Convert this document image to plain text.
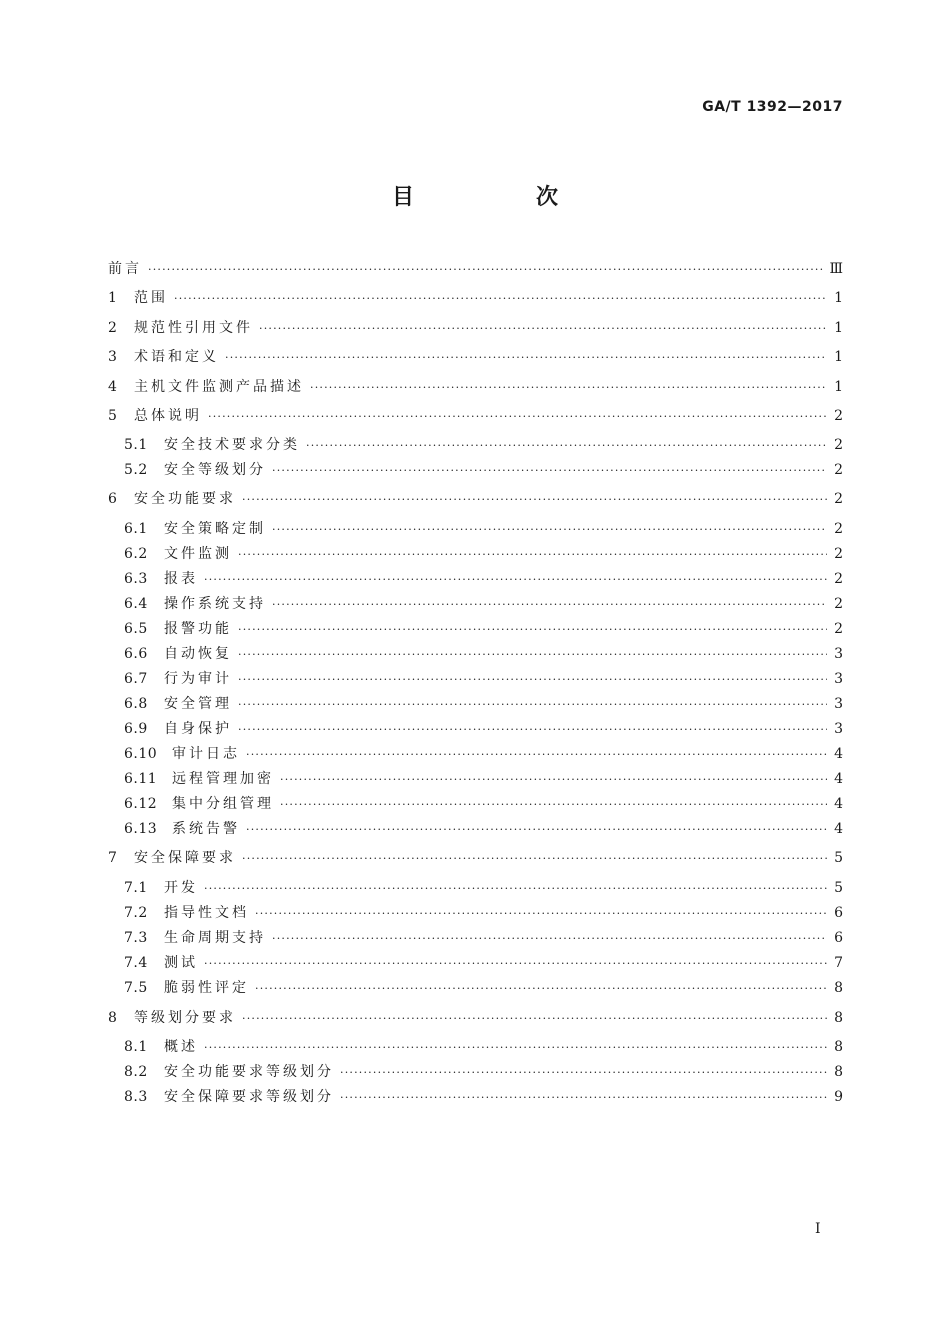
GA/T 1392—2017
目　次
前言 ·····	Ⅲ
1	范围 ·····	1
2	规范性引用文件 ·····	1
3	术语和定义 ·····	1
4	主机文件监测产品描述 ·····	1
5	总体说明 ·····	2
5.1	安全技术要求分类 ·····	2
5.2	安全等级划分 ·····	2
6	安全功能要求 ·····	2
6.1	安全策略定制 ·····	2
6.2	文件监测 ·····	2
6.3	报表 ·····	2
6.4	操作系统支持 ·····	2
6.5	报警功能 ·····	2
6.6	自动恢复 ·····	3
6.7	行为审计 ·····	3
6.8	安全管理 ·····	3
6.9	自身保护 ·····	3
6.10	审计日志 ·····	4
6.11	远程管理加密 ·····	4
6.12	集中分组管理 ·····	4
6.13	系统告警 ·····	4
7	安全保障要求 ·····	5
7.1	开发 ·····	5
7.2	指导性文档 ·····	6
7.3	生命周期支持 ·····	6
7.4	测试 ·····	7
7.5	脆弱性评定 ·····	8
8	等级划分要求 ·····	8
8.1	概述 ·····	8
8.2	安全功能要求等级划分 ·····	8
8.3	安全保障要求等级划分 ·····	9
I
